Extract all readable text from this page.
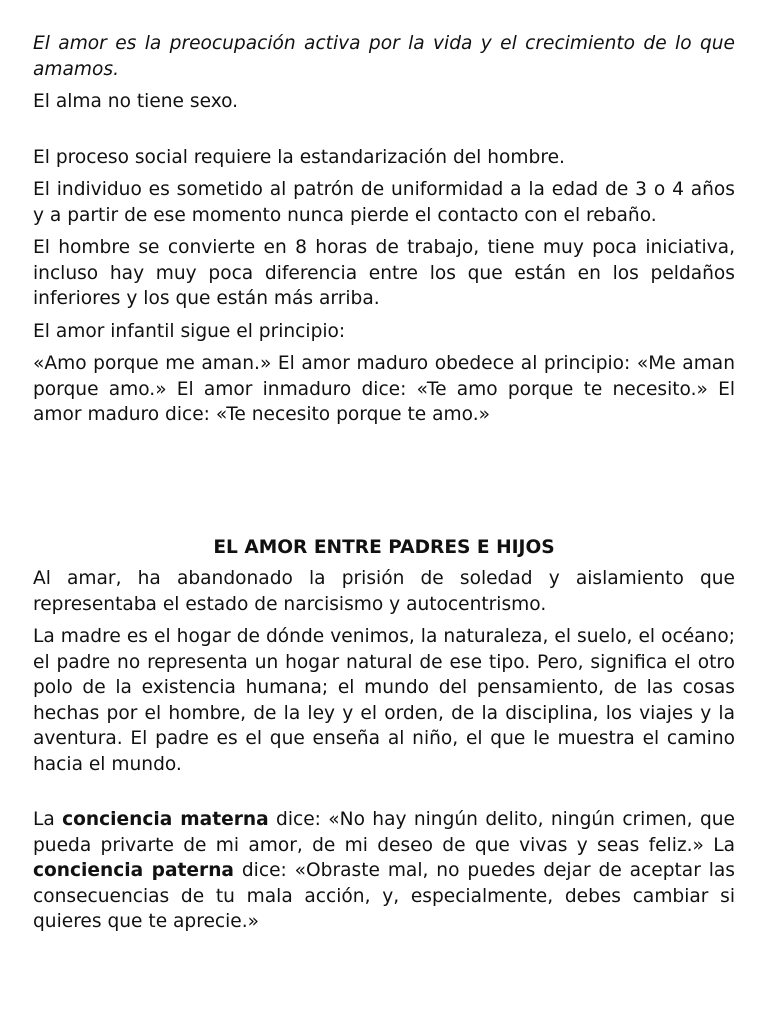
El amor es la preocupación activa por la vida y el crecimiento de lo que amamos.

El alma no tiene sexo.

El proceso social requiere la estandarización del hombre.

El individuo es sometido al patrón de uniformidad a la edad de 3 o 4 años y a partir de ese momento nunca pierde el contacto con el rebaño.

El hombre se convierte en 8 horas de trabajo, tiene muy poca iniciativa, incluso hay muy poca diferencia entre los que están en los peldaños inferiores y los que están más arriba.

El amor infantil sigue el principio:

«Amo porque me aman.» El amor maduro obedece al principio: «Me aman porque amo.» El amor inmaduro dice: «Te amo porque te necesito.» El amor maduro dice: «Te necesito porque te amo.»

EL AMOR ENTRE PADRES E HIJOS

Al amar, ha abandonado la prisión de soledad y aislamiento que representaba el estado de narcisismo y autocentrismo.

La madre es el hogar de dónde venimos, la naturaleza, el suelo, el océano; el padre no representa un hogar natural de ese tipo. Pero, significa el otro polo de la existencia humana; el mundo del pensamiento, de las cosas hechas por el hombre, de la ley y el orden, de la disciplina, los viajes y la aventura. El padre es el que enseña al niño, el que le muestra el camino hacia el mundo.

La conciencia materna dice: «No hay ningún delito, ningún crimen, que pueda privarte de mi amor, de mi deseo de que vivas y seas feliz.» La conciencia paterna dice: «Obraste mal, no puedes dejar de aceptar las consecuencias de tu mala acción, y, especialmente, debes cambiar si quieres que te aprecie.»
